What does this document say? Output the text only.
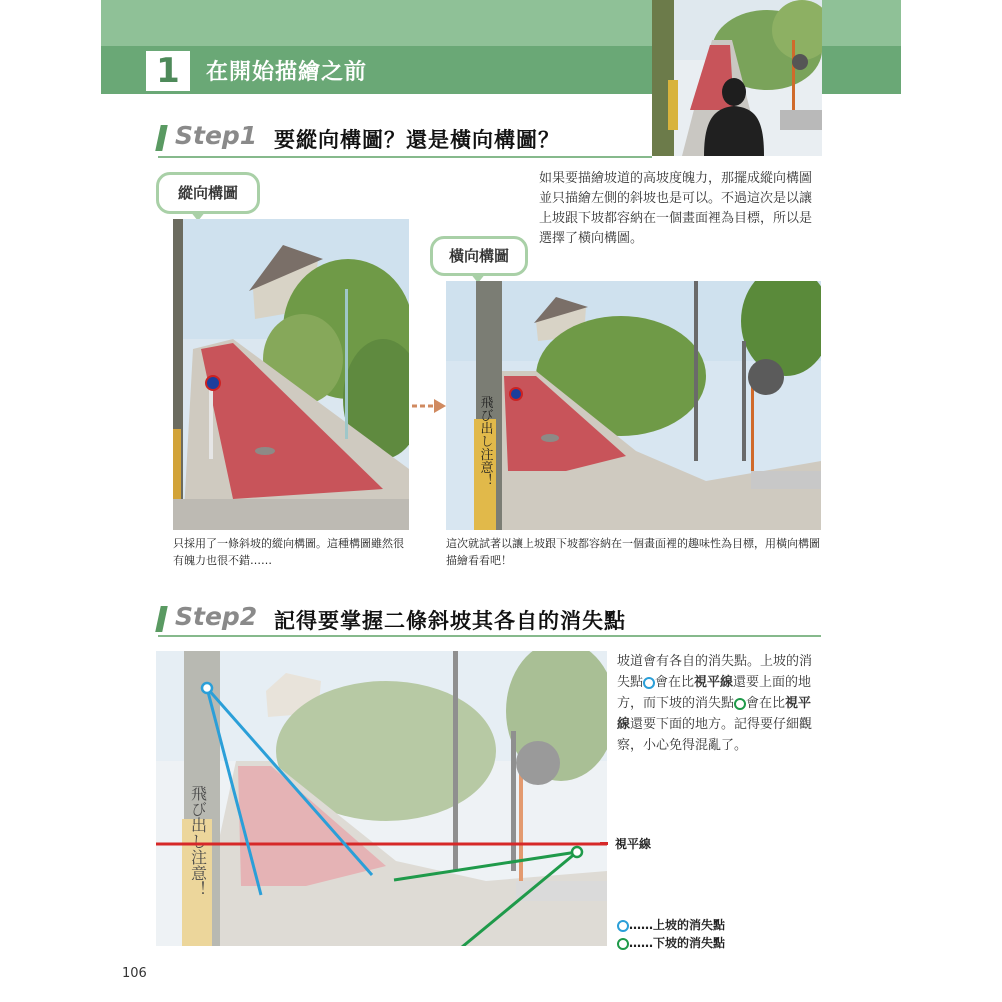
1	在開始描繪之前
Step1 要縱向構圖？還是橫向構圖？
如果要描繪坡道的高坡度魄力，那擺成縱向構圖並只描繪左側的斜坡也是可以。不過這次是以讓上坡跟下坡都容納在一個畫面裡為目標，所以是選擇了橫向構圖。
縱向構圖
橫向構圖
飛び出し注意！
只採用了一條斜坡的縱向構圖。這種構圖雖然很有魄力也很不錯……
這次就試著以讓上坡跟下坡都容納在一個畫面裡的趣味性為目標，用橫向構圖描繪看看吧！
Step2 記得要掌握二條斜坡其各自的消失點
飛び出し注意！	視平線
坡道會有各自的消失點。上坡的消失點 會在比視平線還要上面的地方，而下坡的消失點 會在比視平線還要下面的地方。記得要仔細觀察，小心免得混亂了。
……上坡的消失點
……下坡的消失點
106
